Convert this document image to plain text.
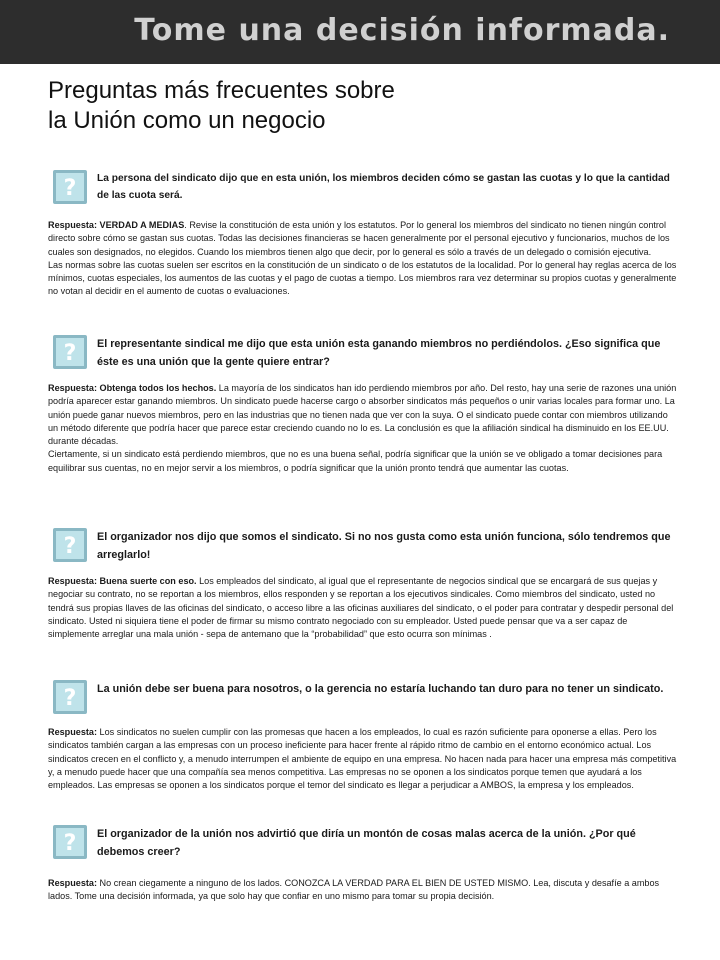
Tome una decisión informada.
Preguntas más frecuentes sobre
la Unión como un negocio
? La persona del sindicato dijo que en esta unión, los miembros deciden cómo se gastan las cuotas y lo que la cantidad de las cuota será.

Respuesta: VERDAD A MEDIAS. Revise la constitución de esta unión y los estatutos. Por lo general los miembros del sindicato no tienen ningún control directo sobre cómo se gastan sus cuotas. Todas las decisiones financieras se hacen generalmente por el personal ejecutivo y funcionarios, muchos de los cuales son designados, no elegidos. Cuando los miembros tienen algo que decir, por lo general es sólo a través de un delegado o comisión ejecutiva.

Las normas sobre las cuotas suelen ser escritos en la constitución de un sindicato o de los estatutos de la localidad. Por lo general hay reglas acerca de los mínimos, cuotas especiales, los aumentos de las cuotas y el pago de cuotas a tiempo. Los miembros rara vez determinar su propios cuotas y generalmente no votan al decidir en el aumento de cuotas o evaluaciones.

? El representante sindical me dijo que esta unión esta ganando miembros no perdiéndolos. ¿Eso significa que éste es una unión que la gente quiere entrar?

Respuesta: Obtenga todos los hechos. La mayoría de los sindicatos han ido perdiendo miembros por año. Del resto, hay una serie de razones una unión podría aparecer estar ganando miembros. Un sindicato puede hacerse cargo o absorber sindicatos más pequeños o unir varias locales para formar uno. La unión puede ganar nuevos miembros, pero en las industrias que no tienen nada que ver con la suya. O el sindicato puede contar con miembros utilizando un método diferente que podría hacer que parece estar creciendo cuando no lo es. La conclusión es que la afiliación sindical ha disminuido en los EE.UU. durante décadas.

Ciertamente, si un sindicato está perdiendo miembros, que no es una buena señal, podría significar que la unión se ve obligado a tomar decisiones para equilibrar sus cuentas, no en mejor servir a los miembros, o podría significar que la unión pronto tendrá que aumentar las cuotas.

? El organizador nos dijo que somos el sindicato. Si no nos gusta como esta unión funciona, sólo tendremos que arreglarlo!

Respuesta: Buena suerte con eso. Los empleados del sindicato, al igual que el representante de negocios sindical que se encargará de sus quejas y negociar su contrato, no se reportan a los miembros, ellos responden y se reportan a los ejecutivos sindicales. Como miembros del sindicato, usted no tendrá sus propias llaves de las oficinas del sindicato, o acceso libre a las oficinas auxiliares del sindicato, o el poder para contratar y despedir personal del sindicato. Usted ni siquiera tiene el poder de firmar su mismo contrato negociado con su empleador. Usted puede pensar que va a ser capaz de simplemente arreglar una mala unión - sepa de antemano que la “probabilidad” que esto ocurra son mínimas .

? La unión debe ser buena para nosotros, o la gerencia no estaría luchando tan duro para no tener un sindicato.

Respuesta: Los sindicatos no suelen cumplir con las promesas que hacen a los empleados, lo cual es razón suficiente para oponerse a ellas. Pero los sindicatos también cargan a las empresas con un proceso ineficiente para hacer frente al rápido ritmo de cambio en el entorno económico actual. Los sindicatos crecen en el conflicto y, a menudo interrumpen el ambiente de equipo en una empresa. No hacen nada para hacer una empresa más competitiva y, a menudo puede hacer que una compañía sea menos competitiva. Las empresas no se oponen a los sindicatos porque temen que ayudará a los empleados. Las empresas se oponen a los sindicatos porque el temor del sindicato es llegar a perjudicar a AMBOS, la empresa y los empleados.

? El organizador de la unión nos advirtió que diría un montón de cosas malas acerca de la unión. ¿Por qué debemos creer?

Respuesta: No crean ciegamente a ninguno de los lados. CONOZCA LA VERDAD PARA EL BIEN DE USTED MISMO. Lea, discuta y desafíe a ambos lados. Tome una decisión informada, ya que solo hay que confiar en uno mismo para tomar su propia decisión.
